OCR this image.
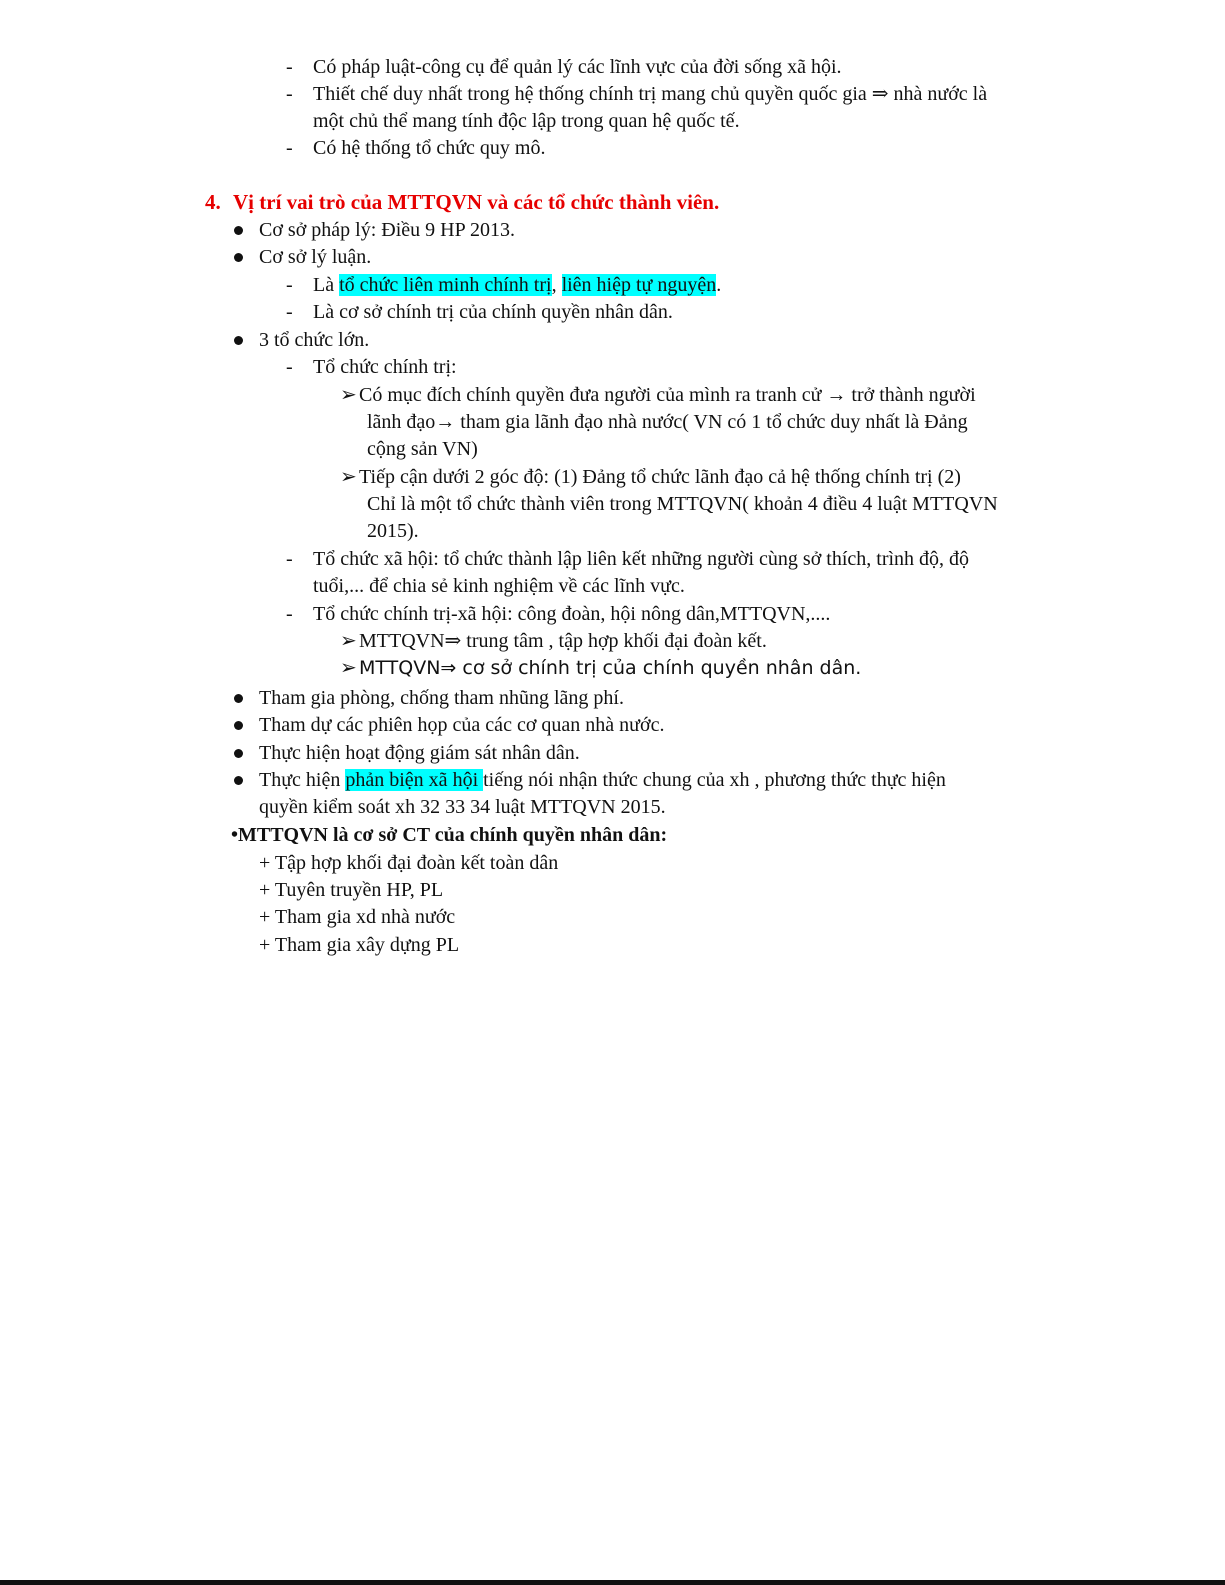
- Có pháp luật-công cụ để quản lý các lĩnh vực của đời sống xã hội.
- Thiết chế duy nhất trong hệ thống chính trị mang chủ quyền quốc gia ⇒ nhà nước là
một chủ thể mang tính độc lập trong quan hệ quốc tế.
- Có hệ thống tổ chức quy mô.
4. Vị trí vai trò của MTTQVN và các tổ chức thành viên.
Cơ sở pháp lý: Điều 9 HP 2013.
Cơ sở lý luận.
- Là tổ chức liên minh chính trị, liên hiệp tự nguyện.
- Là cơ sở chính trị của chính quyền nhân dân.
3 tổ chức lớn.
- Tổ chức chính trị:
➢ Có mục đích chính quyền đưa người của mình ra tranh cử → trở thành người
lãnh đạo→ tham gia lãnh đạo nhà nước( VN có 1 tổ chức duy nhất là Đảng
cộng sản VN)
➢ Tiếp cận dưới 2 góc độ: (1) Đảng tổ chức lãnh đạo cả hệ thống chính trị (2)
Chỉ là một tổ chức thành viên trong MTTQVN( khoản 4 điều 4 luật MTTQVN
2015).
- Tổ chức xã hội: tổ chức thành lập liên kết những người cùng sở thích, trình độ, độ
tuổi,... để chia sẻ kinh nghiệm về các lĩnh vực.
- Tổ chức chính trị-xã hội: công đoàn, hội nông dân,MTTQVN,....
➢ MTTQVN⇒ trung tâm , tập hợp khối đại đoàn kết.
➢ MTTQVN⇒ cơ sở chính trị của chính quyền nhân dân.
Tham gia phòng, chống tham nhũng lãng phí.
Tham dự các phiên họp của các cơ quan nhà nước.
Thực hiện hoạt động giám sát nhân dân.
Thực hiện phản biện xã hội tiếng nói nhận thức chung của xh , phương thức thực hiện
quyền kiểm soát xh 32 33 34 luật MTTQVN 2015.
•MTTQVN là cơ sở CT của chính quyền nhân dân:
+ Tập hợp khối đại đoàn kết toàn dân
+ Tuyên truyền HP, PL
+ Tham gia xd nhà nước
+ Tham gia xây dựng PL
